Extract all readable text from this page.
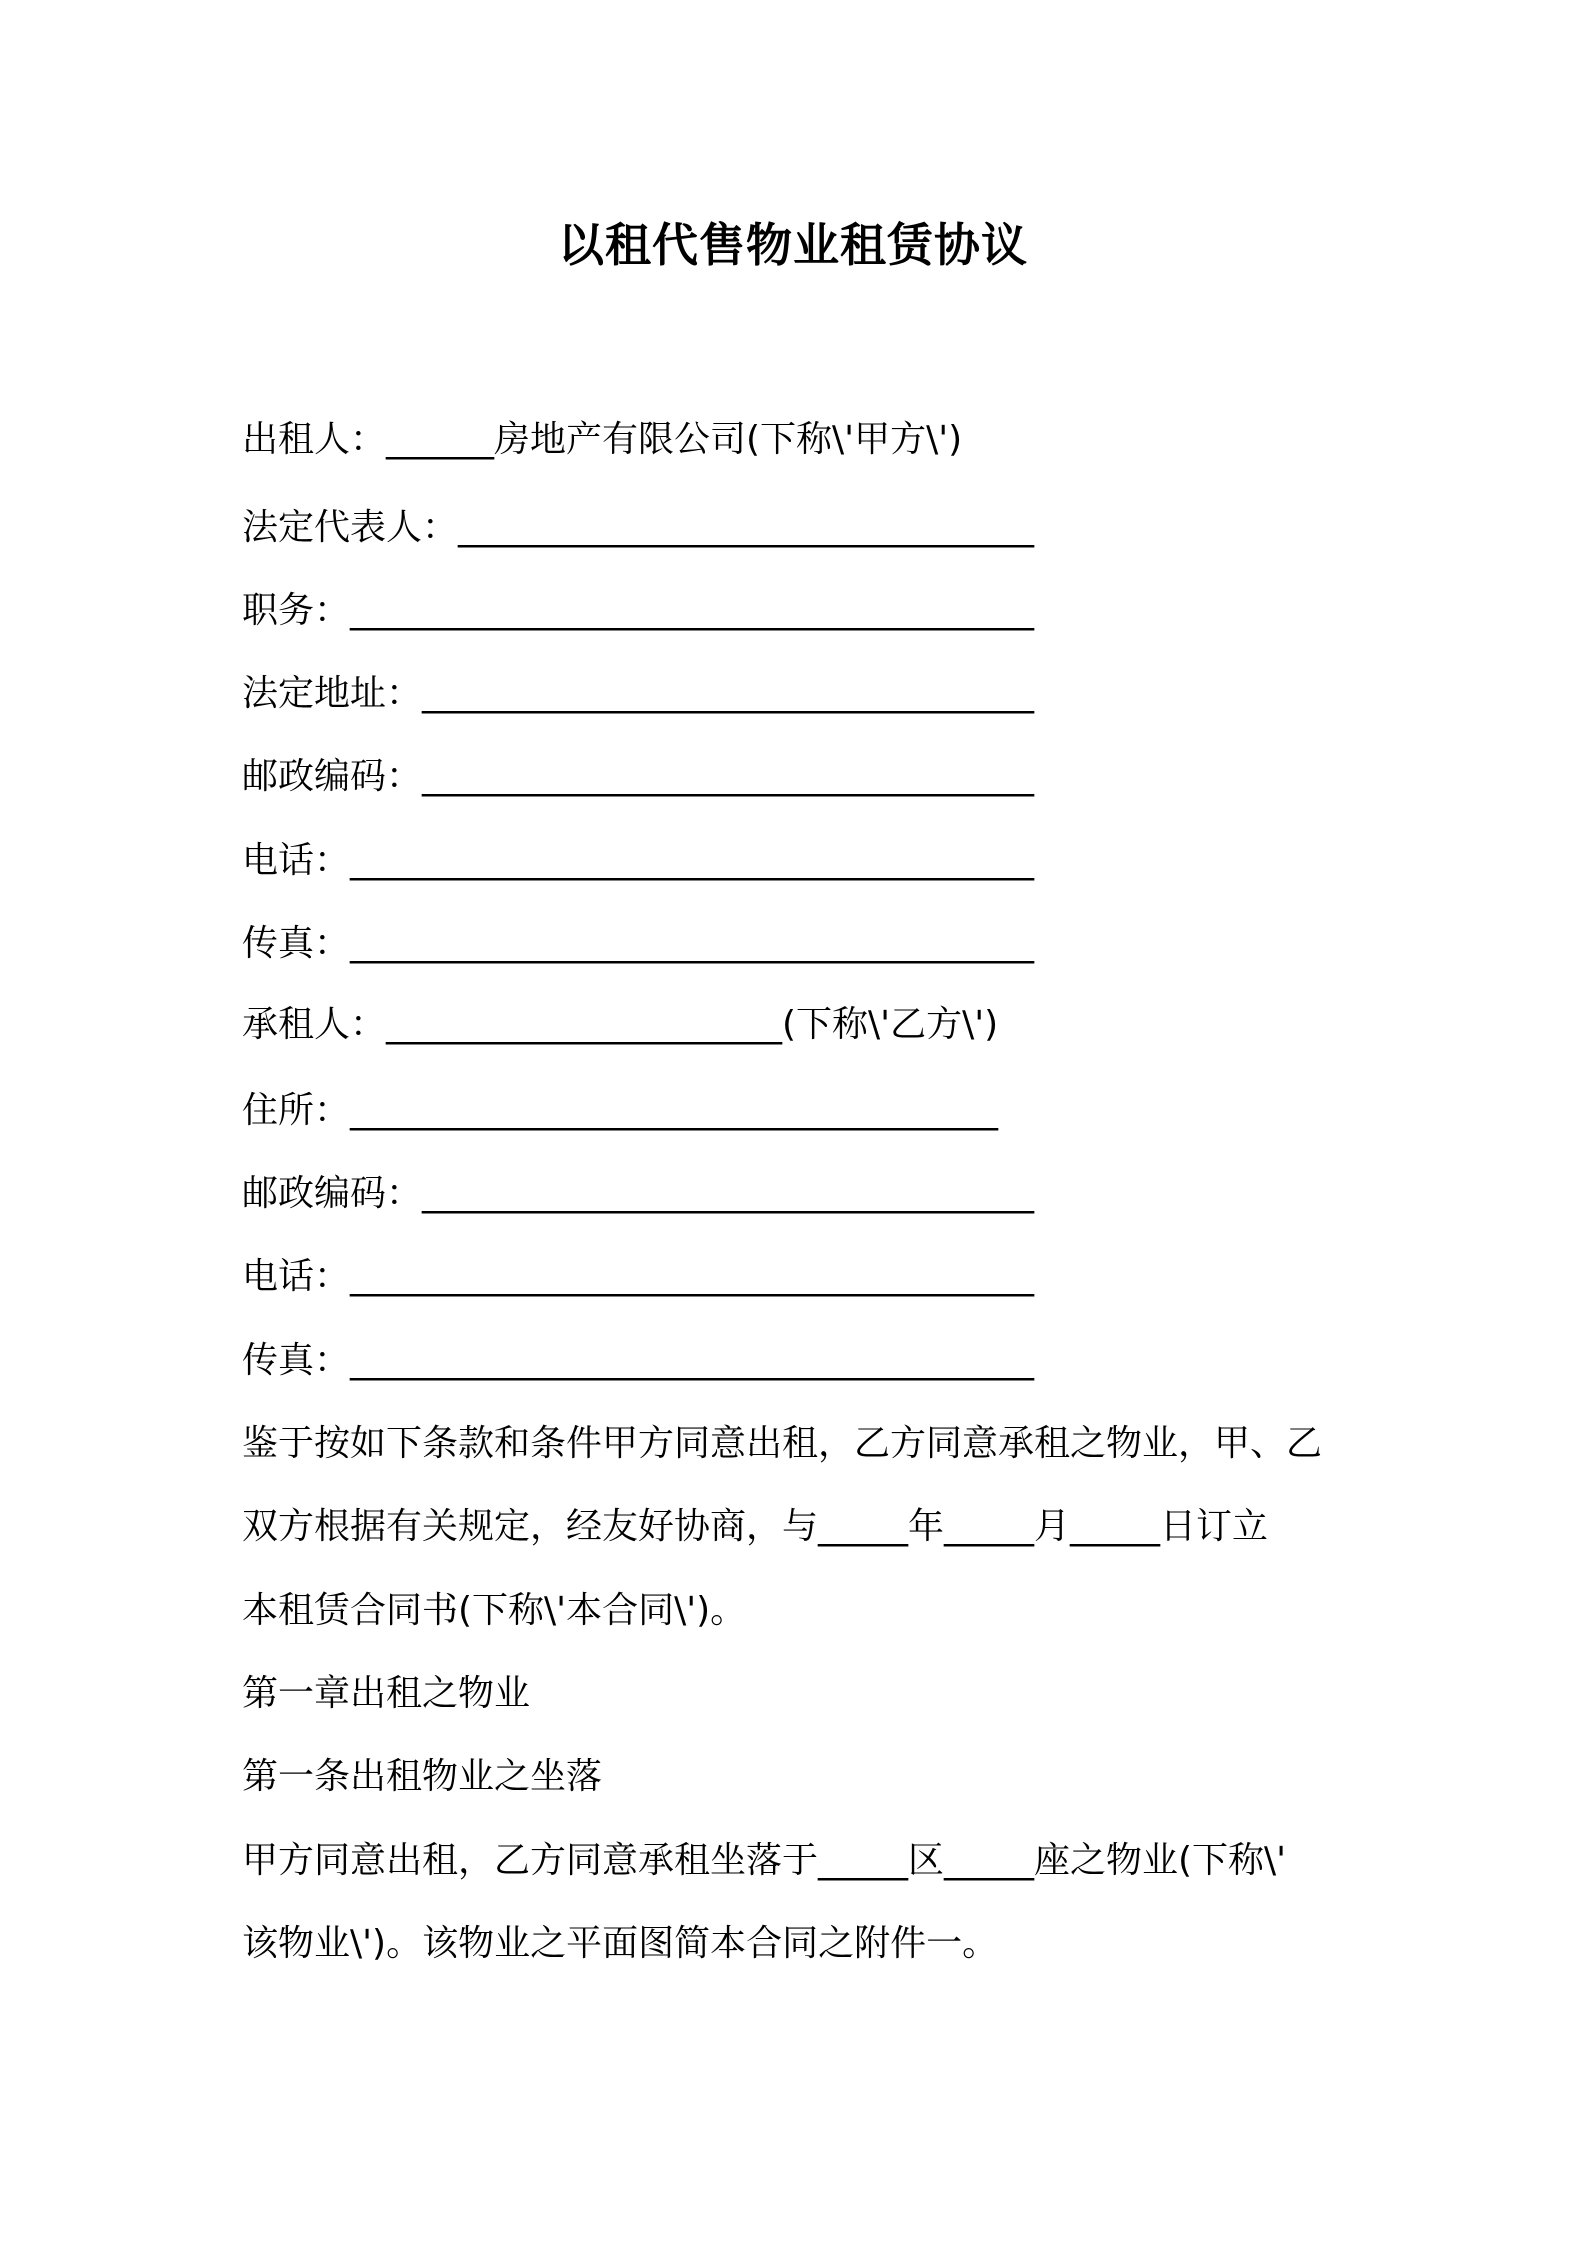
以租代售物业租赁协议
出租人：______房地产有限公司(下称\'甲方\')
法定代表人：________________________________
职务：______________________________________
法定地址：__________________________________
邮政编码：__________________________________
电话：______________________________________
传真：______________________________________
承租人：______________________(下称\'乙方\')
住所：____________________________________
邮政编码：__________________________________
电话：______________________________________
传真：______________________________________
鉴于按如下条款和条件甲方同意出租，乙方同意承租之物业，甲、乙
双方根据有关规定，经友好协商，与_____年_____月_____日订立
本租赁合同书(下称\'本合同\')。
第一章出租之物业
第一条出租物业之坐落
甲方同意出租，乙方同意承租坐落于_____区_____座之物业(下称\'
该物业\')。该物业之平面图简本合同之附件一。
